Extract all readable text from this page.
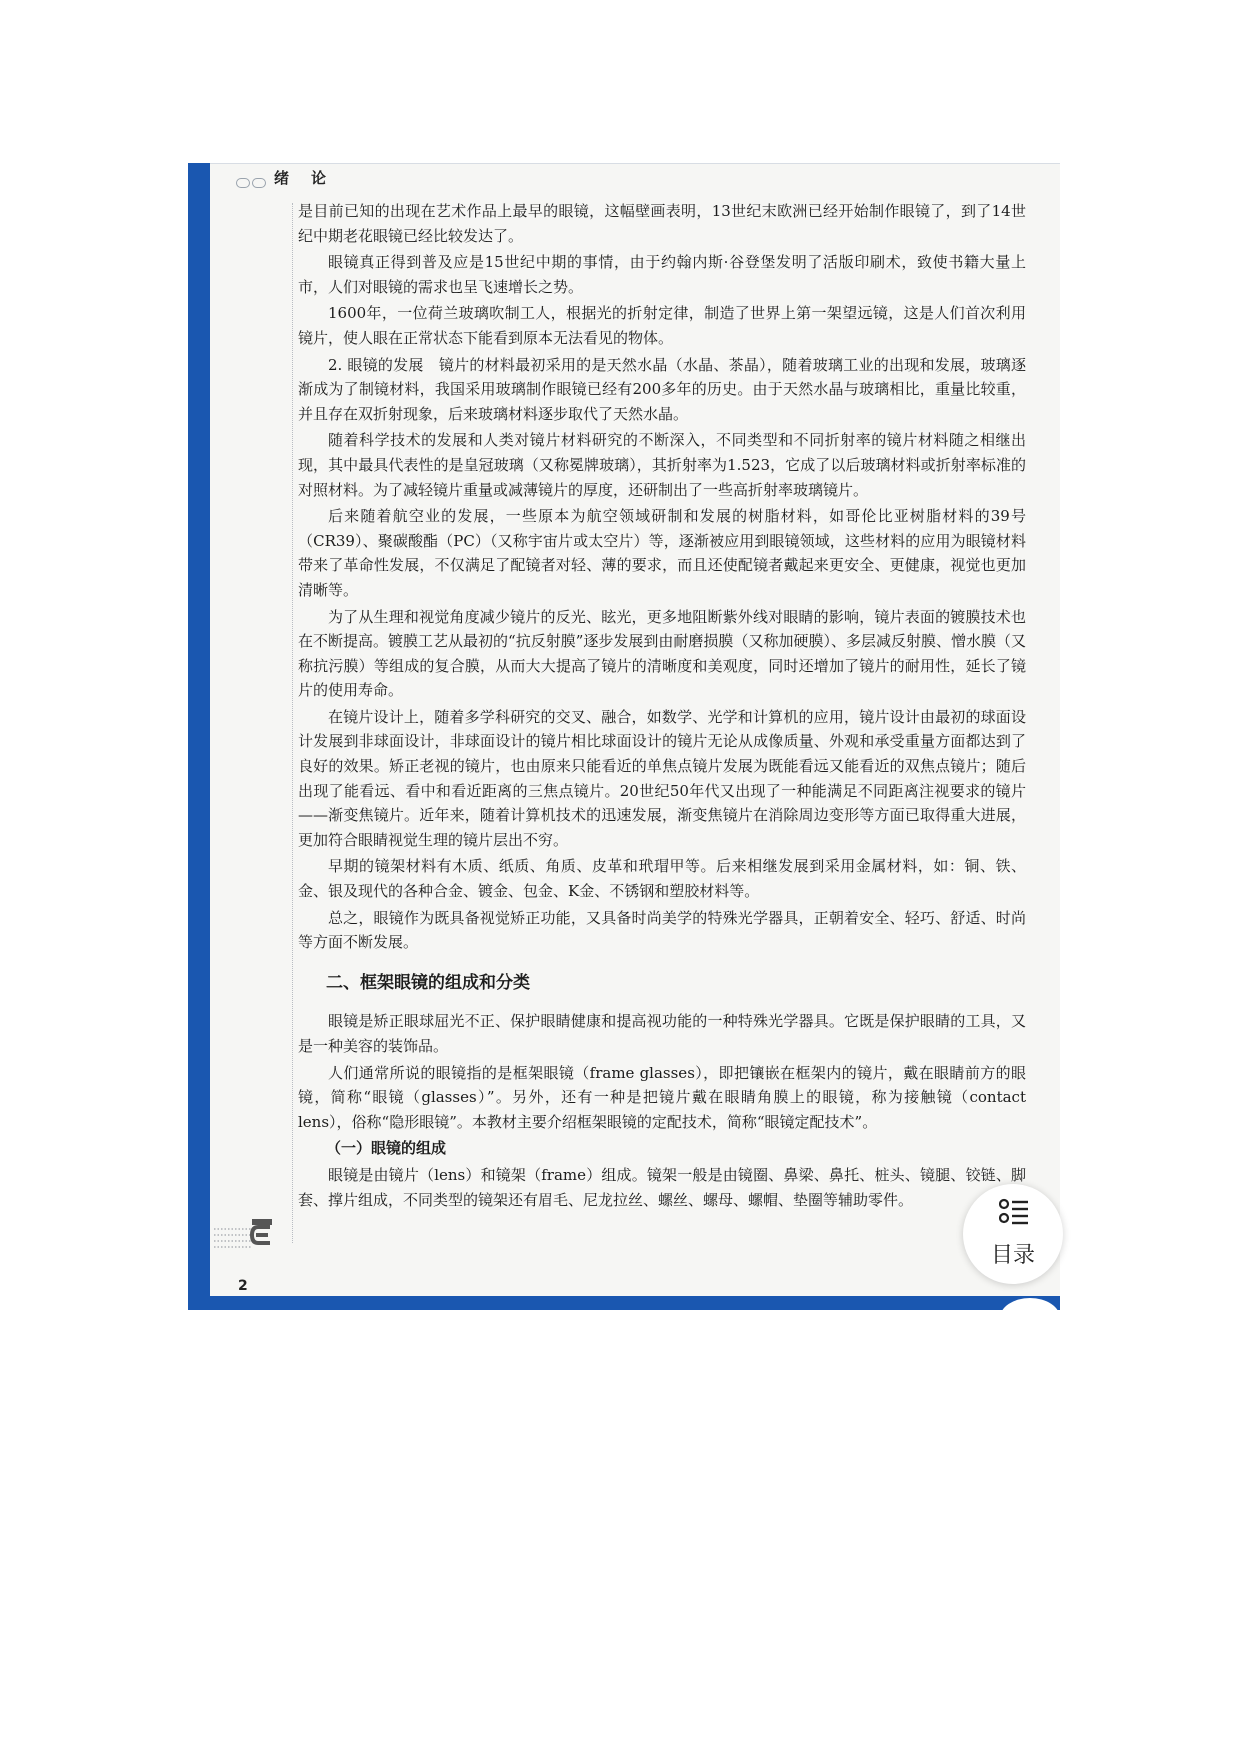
绪论

是目前已知的出现在艺术作品上最早的眼镜，这幅壁画表明，13世纪末欧洲已经开始制作眼镜了，到了14世纪中期老花眼镜已经比较发达了。

眼镜真正得到普及应是15世纪中期的事情，由于约翰内斯·谷登堡发明了活版印刷术，致使书籍大量上市，人们对眼镜的需求也呈飞速增长之势。

1600年，一位荷兰玻璃吹制工人，根据光的折射定律，制造了世界上第一架望远镜，这是人们首次利用镜片，使人眼在正常状态下能看到原本无法看见的物体。

2. 眼镜的发展　镜片的材料最初采用的是天然水晶（水晶、茶晶），随着玻璃工业的出现和发展，玻璃逐渐成为了制镜材料，我国采用玻璃制作眼镜已经有200多年的历史。由于天然水晶与玻璃相比，重量比较重，并且存在双折射现象，后来玻璃材料逐步取代了天然水晶。

随着科学技术的发展和人类对镜片材料研究的不断深入，不同类型和不同折射率的镜片材料随之相继出现，其中最具代表性的是皇冠玻璃（又称冕牌玻璃），其折射率为1.523，它成了以后玻璃材料或折射率标准的对照材料。为了减轻镜片重量或减薄镜片的厚度，还研制出了一些高折射率玻璃镜片。

后来随着航空业的发展，一些原本为航空领域研制和发展的树脂材料，如哥伦比亚树脂材料的39号（CR39）、聚碳酸酯（PC）（又称宇宙片或太空片）等，逐渐被应用到眼镜领域，这些材料的应用为眼镜材料带来了革命性发展，不仅满足了配镜者对轻、薄的要求，而且还使配镜者戴起来更安全、更健康，视觉也更加清晰等。

为了从生理和视觉角度减少镜片的反光、眩光，更多地阻断紫外线对眼睛的影响，镜片表面的镀膜技术也在不断提高。镀膜工艺从最初的“抗反射膜”逐步发展到由耐磨损膜（又称加硬膜）、多层减反射膜、憎水膜（又称抗污膜）等组成的复合膜，从而大大提高了镜片的清晰度和美观度，同时还增加了镜片的耐用性，延长了镜片的使用寿命。

在镜片设计上，随着多学科研究的交叉、融合，如数学、光学和计算机的应用，镜片设计由最初的球面设计发展到非球面设计，非球面设计的镜片相比球面设计的镜片无论从成像质量、外观和承受重量方面都达到了良好的效果。矫正老视的镜片，也由原来只能看近的单焦点镜片发展为既能看远又能看近的双焦点镜片；随后出现了能看远、看中和看近距离的三焦点镜片。20世纪50年代又出现了一种能满足不同距离注视要求的镜片——渐变焦镜片。近年来，随着计算机技术的迅速发展，渐变焦镜片在消除周边变形等方面已取得重大进展，更加符合眼睛视觉生理的镜片层出不穷。

早期的镜架材料有木质、纸质、角质、皮革和玳瑁甲等。后来相继发展到采用金属材料，如：铜、铁、金、银及现代的各种合金、镀金、包金、K金、不锈钢和塑胶材料等。

总之，眼镜作为既具备视觉矫正功能，又具备时尚美学的特殊光学器具，正朝着安全、轻巧、舒适、时尚等方面不断发展。

二、框架眼镜的组成和分类

眼镜是矫正眼球屈光不正、保护眼睛健康和提高视功能的一种特殊光学器具。它既是保护眼睛的工具，又是一种美容的装饰品。

人们通常所说的眼镜指的是框架眼镜（frame glasses），即把镶嵌在框架内的镜片，戴在眼睛前方的眼镜，简称“眼镜（glasses）”。另外，还有一种是把镜片戴在眼睛角膜上的眼镜，称为接触镜（contact lens），俗称“隐形眼镜”。本教材主要介绍框架眼镜的定配技术，简称“眼镜定配技术”。

（一）眼镜的组成

眼镜是由镜片（lens）和镜架（frame）组成。镜架一般是由镜圈、鼻梁、鼻托、桩头、镜腿、铰链、脚套、撑片组成，不同类型的镜架还有眉毛、尼龙拉丝、螺丝、螺母、螺帽、垫圈等辅助零件。

2
目录
